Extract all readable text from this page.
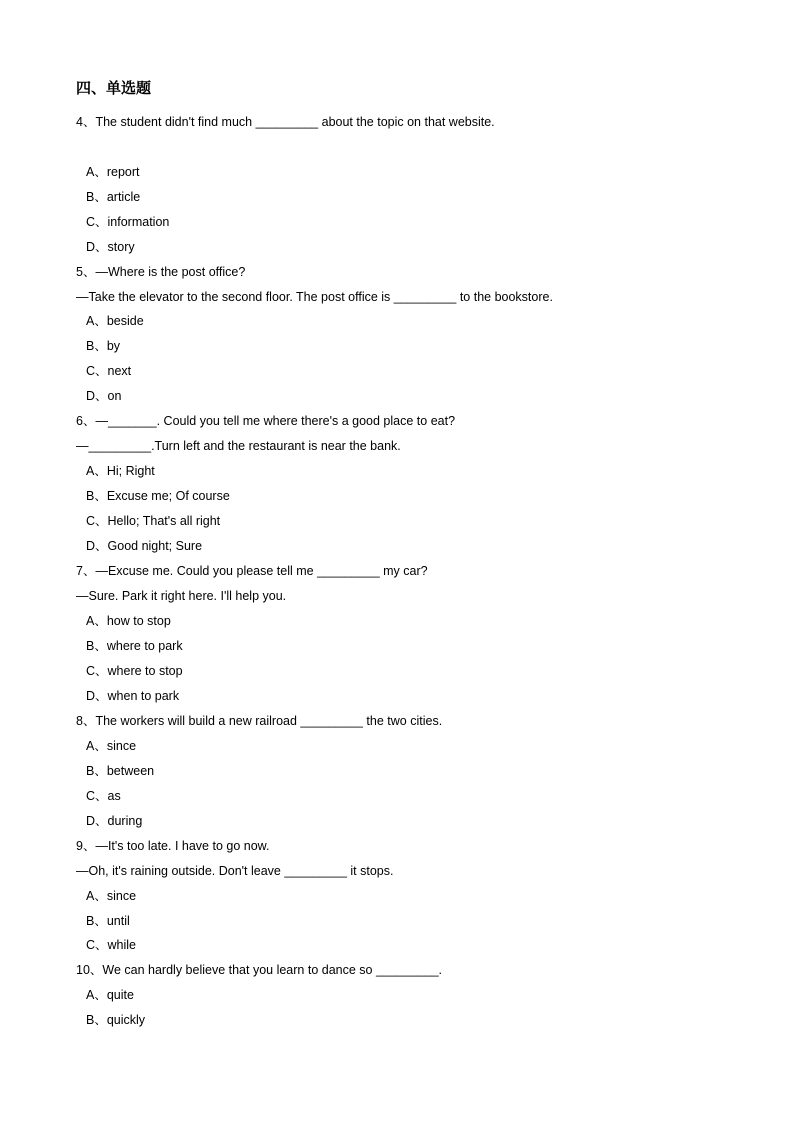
四、单选题
4、The student didn't find much _________ about the topic on that website.
A、report
B、article
C、information
D、story
5、—Where is the post office?
—Take the elevator to the second floor. The post office is _________ to the bookstore.
A、beside
B、by
C、next
D、on
6、—_______. Could you tell me where there's a good place to eat?
—_________.Turn left and the restaurant is near the bank.
A、Hi; Right
B、Excuse me; Of course
C、Hello; That's all right
D、Good night; Sure
7、—Excuse me. Could you please tell me _________ my car?
—Sure. Park it right here. I'll help you.
A、how to stop
B、where to park
C、where to stop
D、when to park
8、The workers will build a new railroad _________ the two cities.
A、since
B、between
C、as
D、during
9、—It's too late. I have to go now.
—Oh, it's raining outside. Don't leave _________ it stops.
A、since
B、until
C、while
10、We can hardly believe that you learn to dance so _________.
A、quite
B、quickly
